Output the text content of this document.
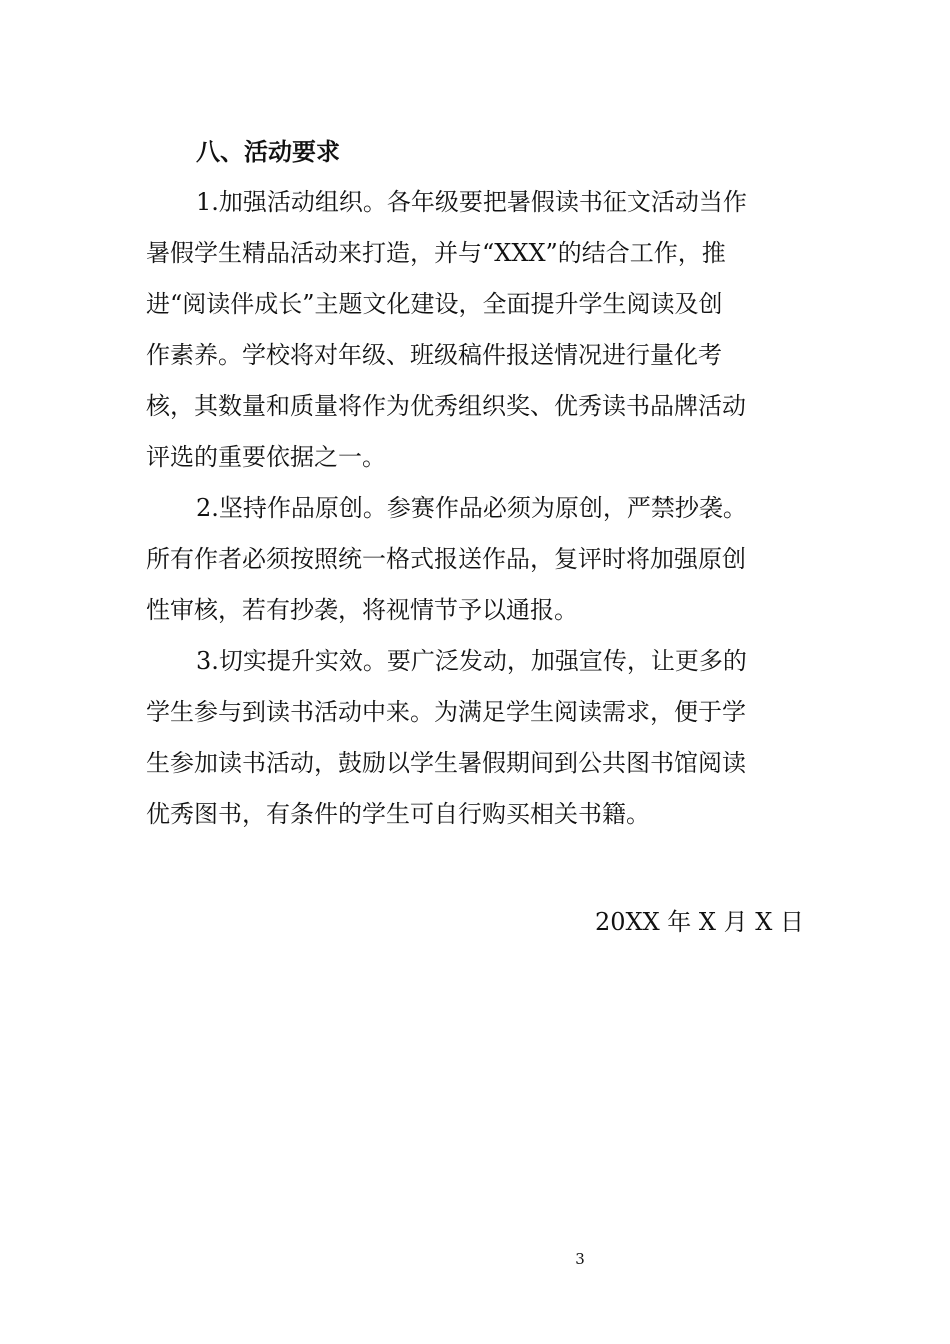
八、活动要求

1.加强活动组织。各年级要把暑假读书征文活动当作

暑假学生精品活动来打造，并与“XXX”的结合工作，推

进“阅读伴成长”主题文化建设，全面提升学生阅读及创

作素养。学校将对年级、班级稿件报送情况进行量化考

核，其数量和质量将作为优秀组织奖、优秀读书品牌活动

评选的重要依据之一。

2.坚持作品原创。参赛作品必须为原创，严禁抄袭。

所有作者必须按照统一格式报送作品，复评时将加强原创

性审核，若有抄袭，将视情节予以通报。

3.切实提升实效。要广泛发动，加强宣传，让更多的

学生参与到读书活动中来。为满足学生阅读需求，便于学

生参加读书活动，鼓励以学生暑假期间到公共图书馆阅读

优秀图书，有条件的学生可自行购买相关书籍。

20XX 年 X 月 X 日
3
